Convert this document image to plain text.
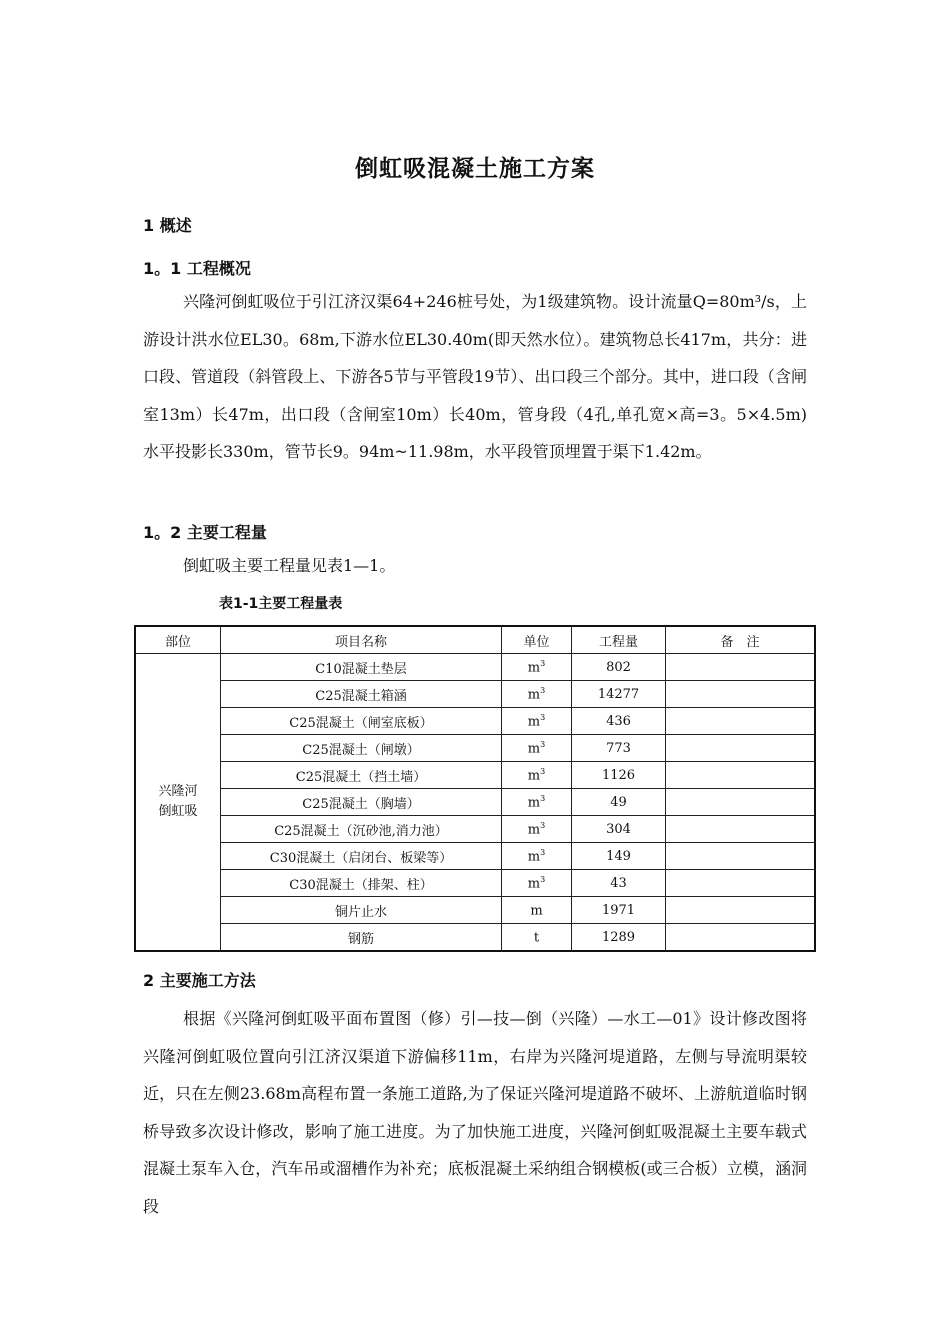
倒虹吸混凝土施工方案
1 概述
1。1 工程概况

兴隆河倒虹吸位于引江济汉渠64+246桩号处，为1级建筑物。设计流量Q=80m³/s，上游设计洪水位EL30。68m,下游水位EL30.40m(即天然水位）。建筑物总长417m，共分：进口段、管道段（斜管段上、下游各5节与平管段19节）、出口段三个部分。其中，进口段（含闸室13m）长47m，出口段（含闸室10m）长40m，管身段（4孔,单孔宽×高=3。5×4.5m)水平投影长330m，管节长9。94m~11.98m，水平段管顶埋置于渠下1.42m。

1。2 主要工程量

倒虹吸主要工程量见表1—1。

表1-1主要工程量表
部位	项目名称	单位	工程量	备　注

兴隆河
倒虹吸	C10混凝土垫层	$m^3$	802	
	C25混凝土箱涵	$m^3$	14277	
	C25混凝土（闸室底板）	$m^3$	436	
	C25混凝土（闸墩）	$m^3$	773	
	C25混凝土（挡土墙）	$m^3$	1126	
	C25混凝土（胸墙）	$m^3$	49	
	C25混凝土（沉砂池,消力池）	$m^3$	304	
	C30混凝土（启闭台、板梁等）	$m^3$	149	
	C30混凝土（排架、柱）	$m^3$	43	
	铜片止水	m	1971	
	钢筋	t	1289	
2 主要施工方法

根据《兴隆河倒虹吸平面布置图（修）引—技—倒（兴隆）—水工—01》设计修改图将兴隆河倒虹吸位置向引江济汉渠道下游偏移11m，右岸为兴隆河堤道路，左侧与导流明渠较近，只在左侧23.68m高程布置一条施工道路,为了保证兴隆河堤道路不破坏、上游航道临时钢桥导致多次设计修改，影响了施工进度。为了加快施工进度，兴隆河倒虹吸混凝土主要车载式混凝土泵车入仓，汽车吊或溜槽作为补充；底板混凝土采纳组合钢模板(或三合板）立模，涵洞段
